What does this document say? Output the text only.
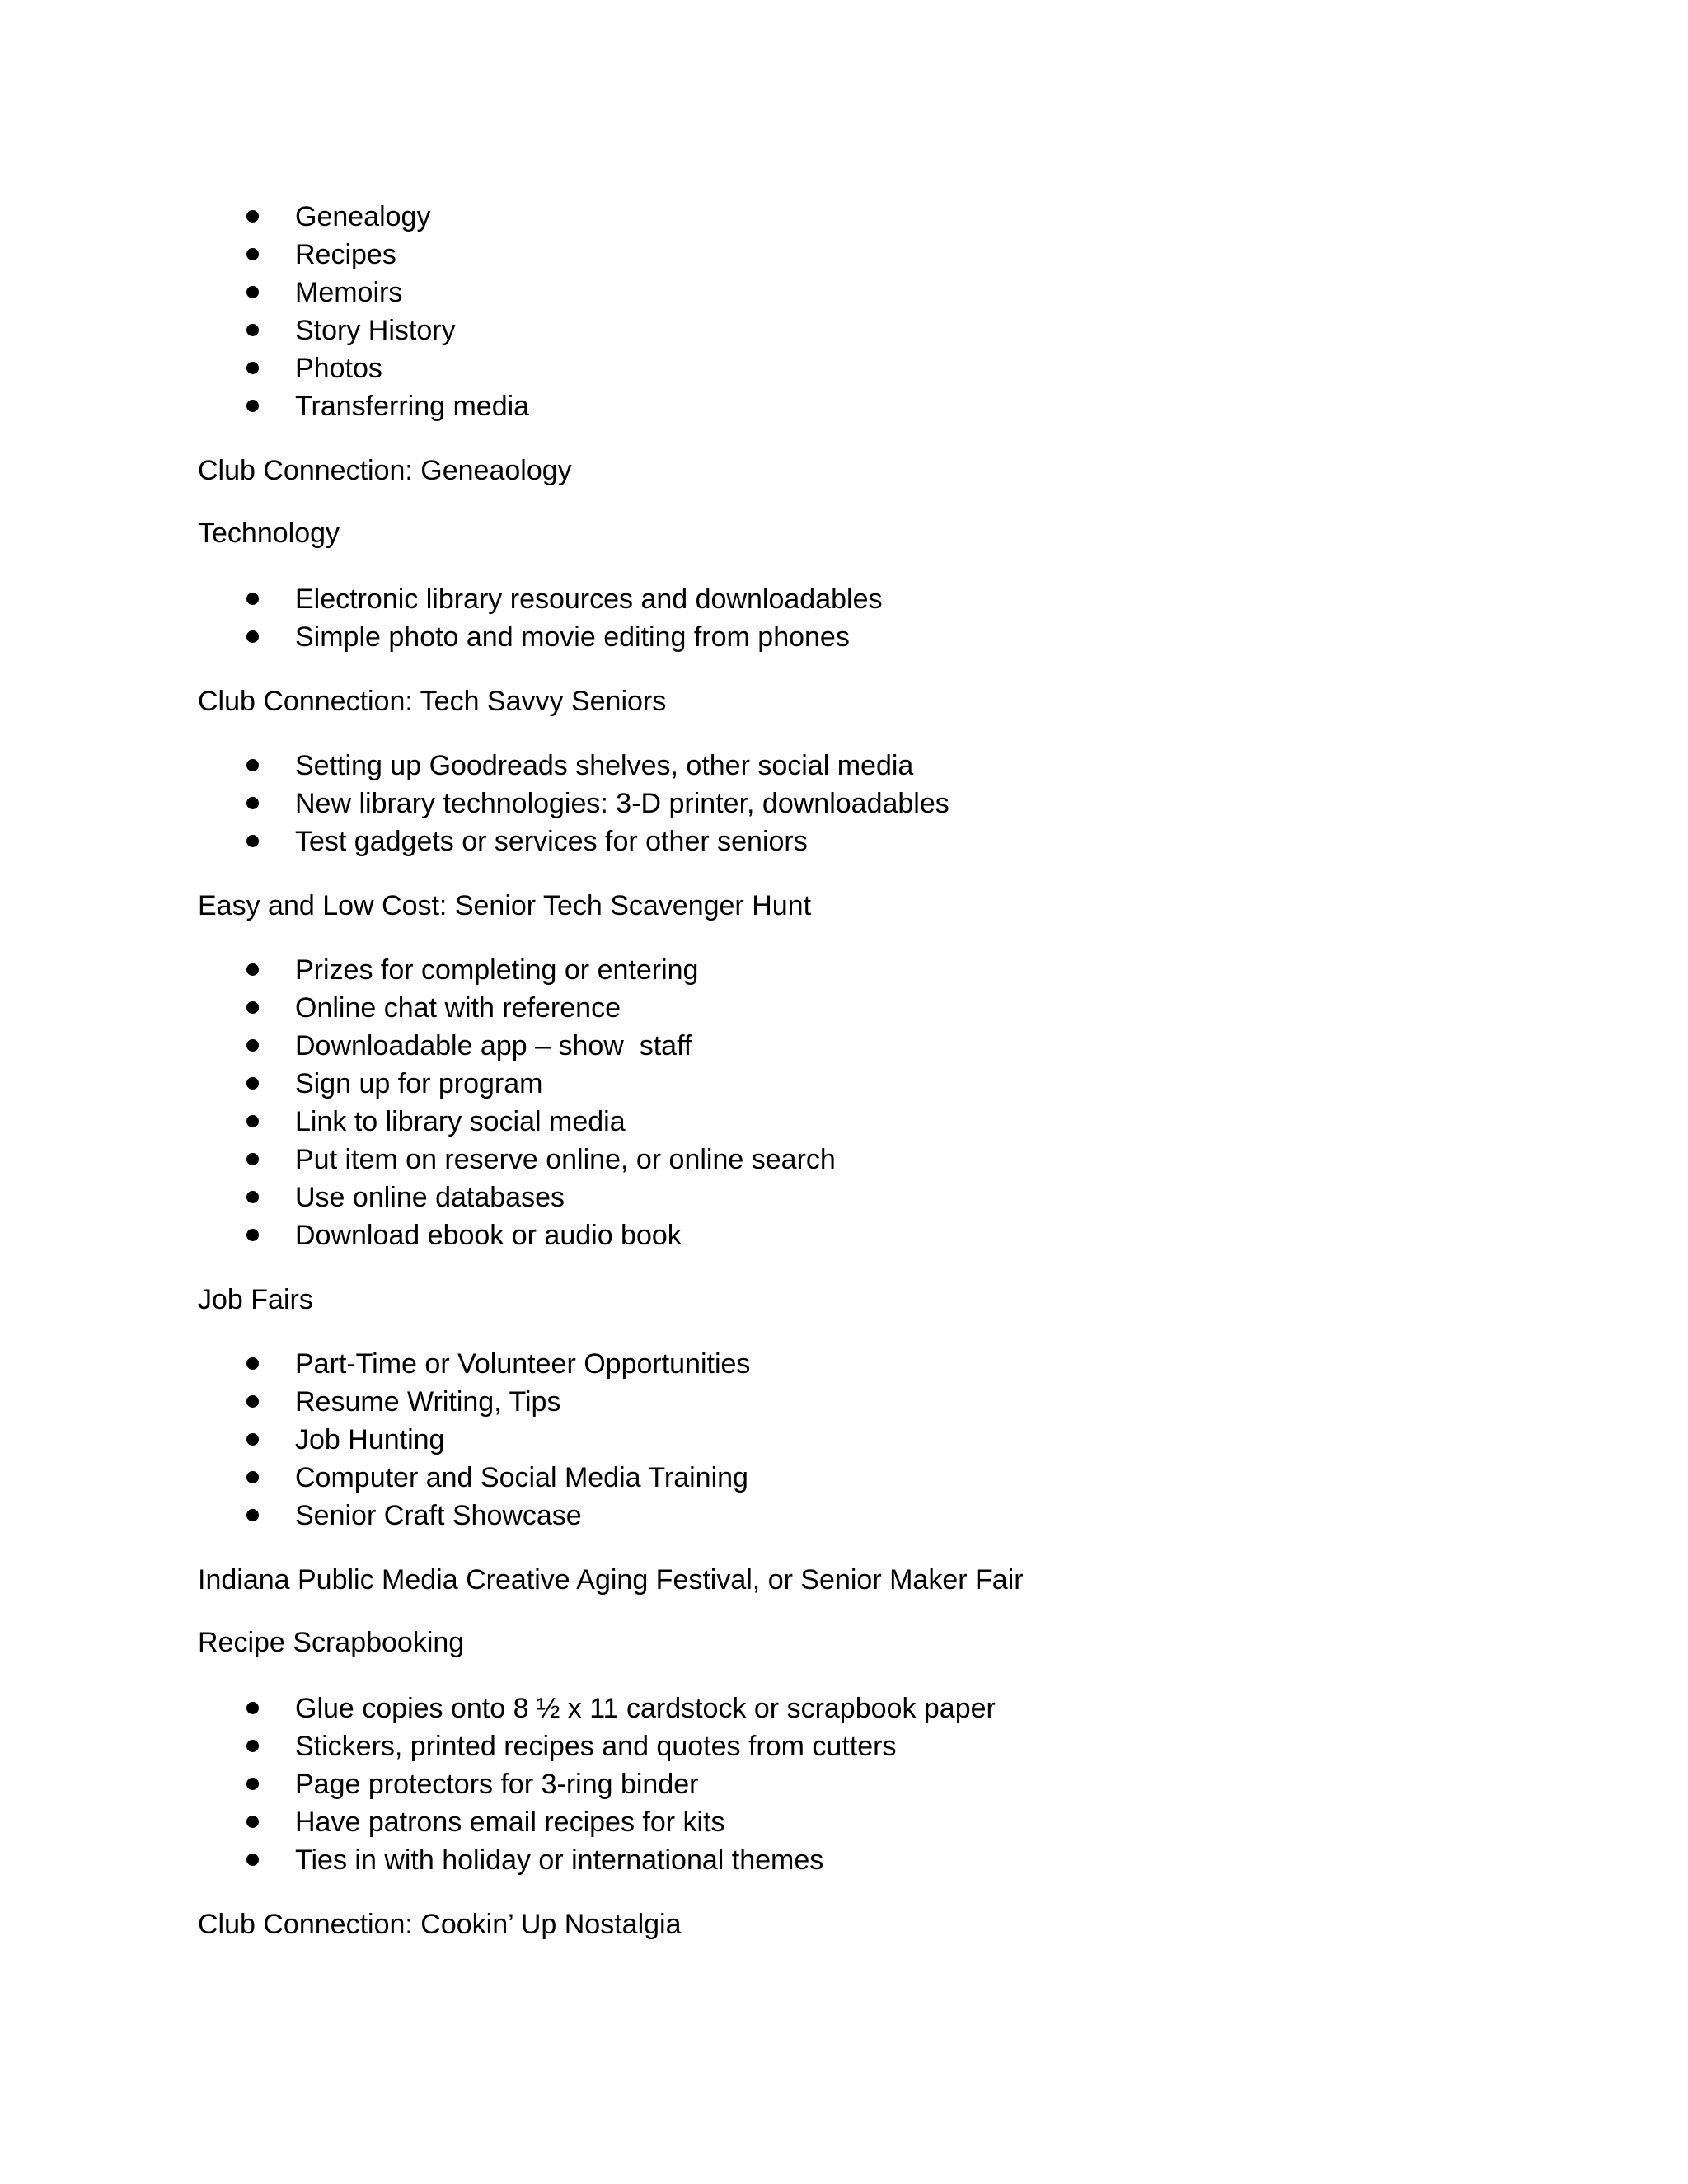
Genealogy
Recipes
Memoirs
Story History
Photos
Transferring media
Club Connection: Geneaology
Technology
Electronic library resources and downloadables
Simple photo and movie editing from phones
Club Connection: Tech Savvy Seniors
Setting up Goodreads shelves, other social media
New library technologies: 3-D printer, downloadables
Test gadgets or services for other seniors
Easy and Low Cost: Senior Tech Scavenger Hunt
Prizes for completing or entering
Online chat with reference
Downloadable app – show  staff
Sign up for program
Link to library social media
Put item on reserve online, or online search
Use online databases
Download ebook or audio book
Job Fairs
Part-Time or Volunteer Opportunities
Resume Writing, Tips
Job Hunting
Computer and Social Media Training
Senior Craft Showcase
Indiana Public Media Creative Aging Festival, or Senior Maker Fair
Recipe Scrapbooking
Glue copies onto 8 ½ x 11 cardstock or scrapbook paper
Stickers, printed recipes and quotes from cutters
Page protectors for 3-ring binder
Have patrons email recipes for kits
Ties in with holiday or international themes
Club Connection: Cookin’ Up Nostalgia
